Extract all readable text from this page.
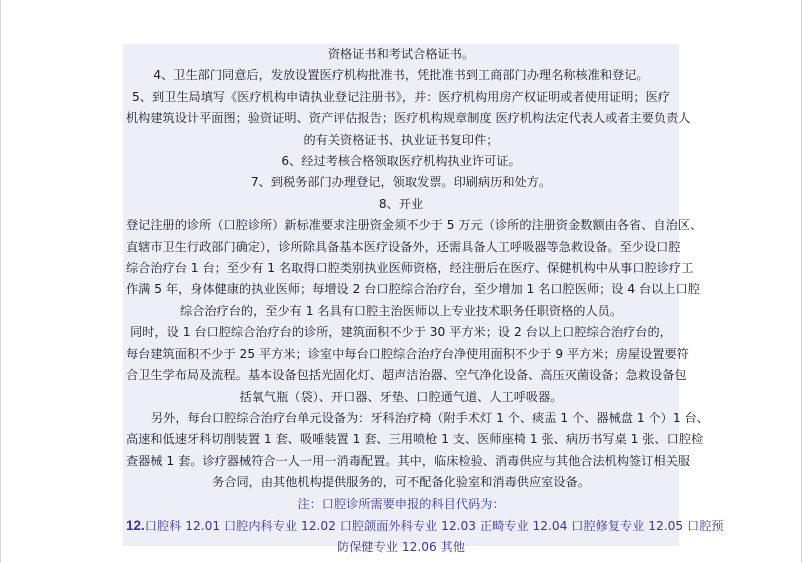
资格证书和考试合格证书。
4、卫生部门同意后，发放设置医疗机构批准书，凭批准书到工商部门办理名称核准和登记。
5、到卫生局填写《医疗机构申请执业登记注册书》，并：医疗机构用房产权证明或者使用证明；医疗
机构建筑设计平面图；验资证明、资产评估报告；医疗机构规章制度 医疗机构法定代表人或者主要负责人
的有关资格证书、执业证书复印件；
6、经过考核合格领取医疗机构执业许可证。
7、到税务部门办理登记，领取发票。印刷病历和处方。
8、开业
登记注册的诊所（口腔诊所）新标准要求注册资金须不少于 5 万元（诊所的注册资金数额由各省、自治区、
直辖市卫生行政部门确定），诊所除具备基本医疗设备外，还需具备人工呼吸器等急救设备。至少设口腔
综合治疗台 1 台；至少有 1 名取得口腔类别执业医师资格，经注册后在医疗、保健机构中从事口腔诊疗工
作满 5 年，身体健康的执业医师；每增设 2 台口腔综合治疗台，至少增加 1 名口腔医师；设 4 台以上口腔
综合治疗台的，至少有 1 名具有口腔主治医师以上专业技术职务任职资格的人员。
同时，设 1 台口腔综合治疗台的诊所，建筑面积不少于 30 平方米；设 2 台以上口腔综合治疗台的，
每台建筑面积不少于 25 平方米；诊室中每台口腔综合治疗台净使用面积不少于 9 平方米；房屋设置要符
合卫生学布局及流程。基本设备包括光固化灯、超声洁治器、空气净化设备、高压灭菌设备；急救设备包
括氧气瓶（袋）、开口器、牙垫、口腔通气道、人工呼吸器。
另外，每台口腔综合治疗台单元设备为：牙科治疗椅（附手术灯 1 个、痰盂 1 个、器械盘 1 个）1 台、
高速和低速牙科切削装置 1 套、吸唾装置 1 套、三用喷枪 1 支、医师座椅 1 张、病历书写桌 1 张、口腔检
查器械 1 套。诊疗器械符合一人一用一消毒配置。其中，临床检验、消毒供应与其他合法机构签订相关服
务合同，由其他机构提供服务的，可不配备化验室和消毒供应室设备。
注：口腔诊所需要申报的科目代码为：
12.口腔科 12.01 口腔内科专业 12.02 口腔颌面外科专业 12.03 正畸专业 12.04 口腔修复专业 12.05 口腔预
防保健专业 12.06 其他
